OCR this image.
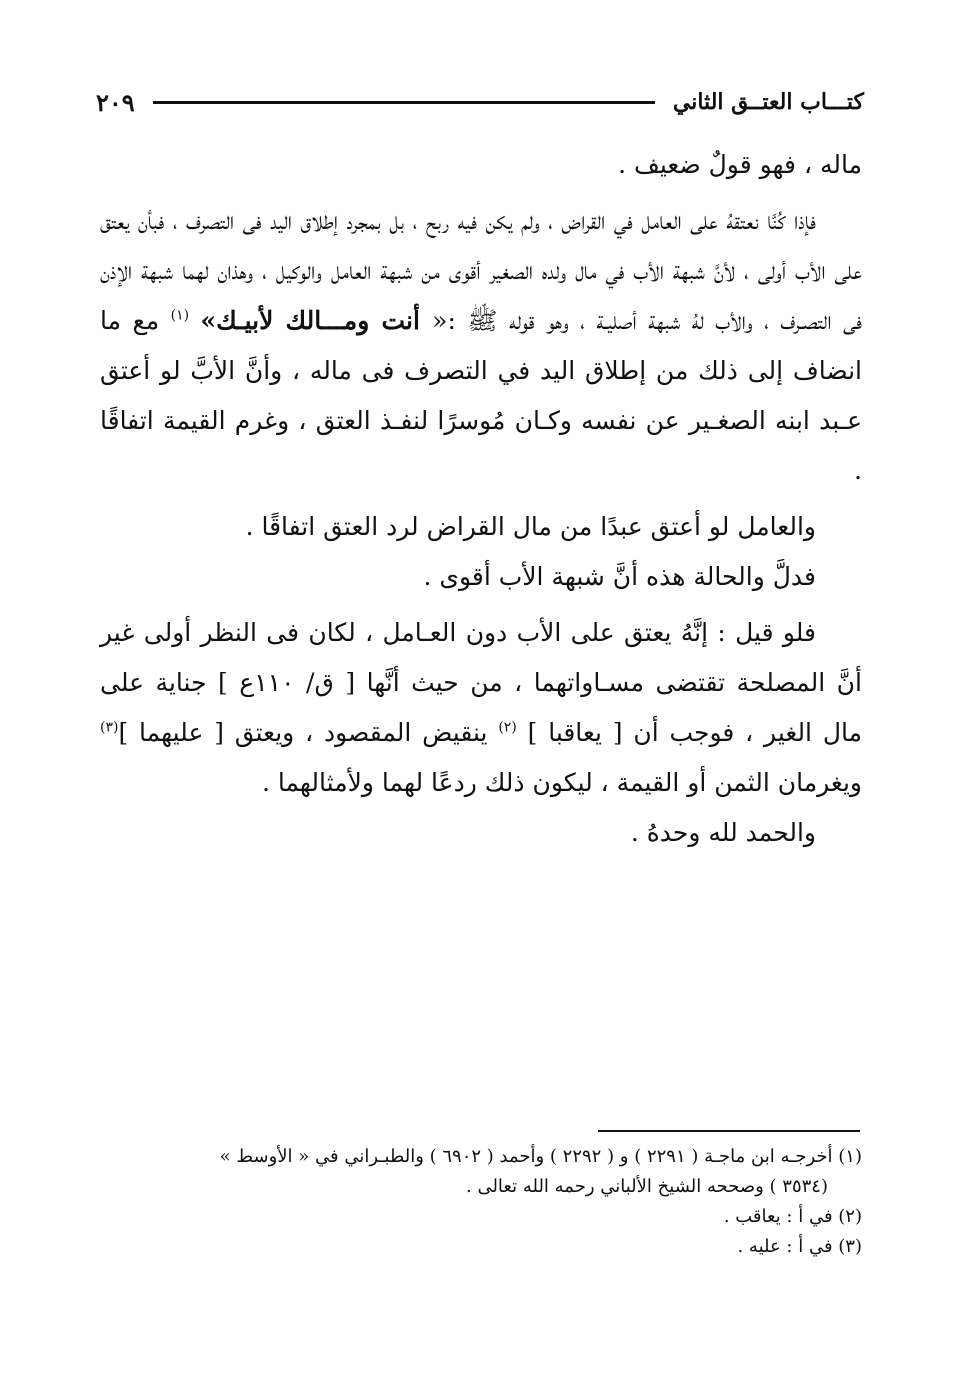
كتـــاب العتــق الثاني
٢٠٩

ماله ، فهو قولٌ ضعيف .

فإذا كُنَّا نعتقهُ على العامل في القراض ، ولم يكن فيه ربح ، بل بمجرد إطلاق اليد فى التصرف ، فبأن يعتق على الأب أولى ، لأنَّ شبهة الأب في مال ولده الصغير أقوى من شبهة العامل والوكيل ، وهذان لهما شبهة الإذن فى التصـرف ، والأب لهُ شبهة أصليـة ، وهو قوله ﷺ :« أنت ومـــالك لأبيـك» $^{(١)}$ مع ما انضاف إلى ذلك من إطلاق اليد في التصرف فى ماله ، وأنَّ الأبَّ لو أعتق عـبد ابنه الصغـير عن نفسه وكـان مُوسرًا لنفـذ العتق ، وغرم القيمة اتفاقًا .

والعامل لو أعتق عبدًا من مال القراض لرد العتق اتفاقًا .

فدلَّ والحالة هذه أنَّ شبهة الأب أقوى .

فلو قيل : إنَّهُ يعتق على الأب دون العـامل ، لكان فى النظر أولى غير أنَّ المصلحة تقتضى مسـاواتهما ، من حيث أنَّها [ ق/ ١١٠ع ] جناية على مال الغير ، فوجب أن [ يعاقبا ] $^{(٢)}$ ينقيض المقصود ، ويعتق [ عليهما ]$^{(٣)}$ ويغرمان الثمن أو القيمة ، ليكون ذلك ردعًا لهما ولأمثالهما .

والحمد لله وحدهُ .

(١) أخرجـه ابن ماجـة ( ٢٢٩١ ) و ( ٢٢٩٢ ) وأحمد ( ٦٩٠٢ ) والطبـراني في « الأوسط »

(٣٥٣٤ ) وصححه الشيخ الألباني رحمه الله تعالى .

(٢) في أ : يعاقب .

(٣) في أ : عليه .
